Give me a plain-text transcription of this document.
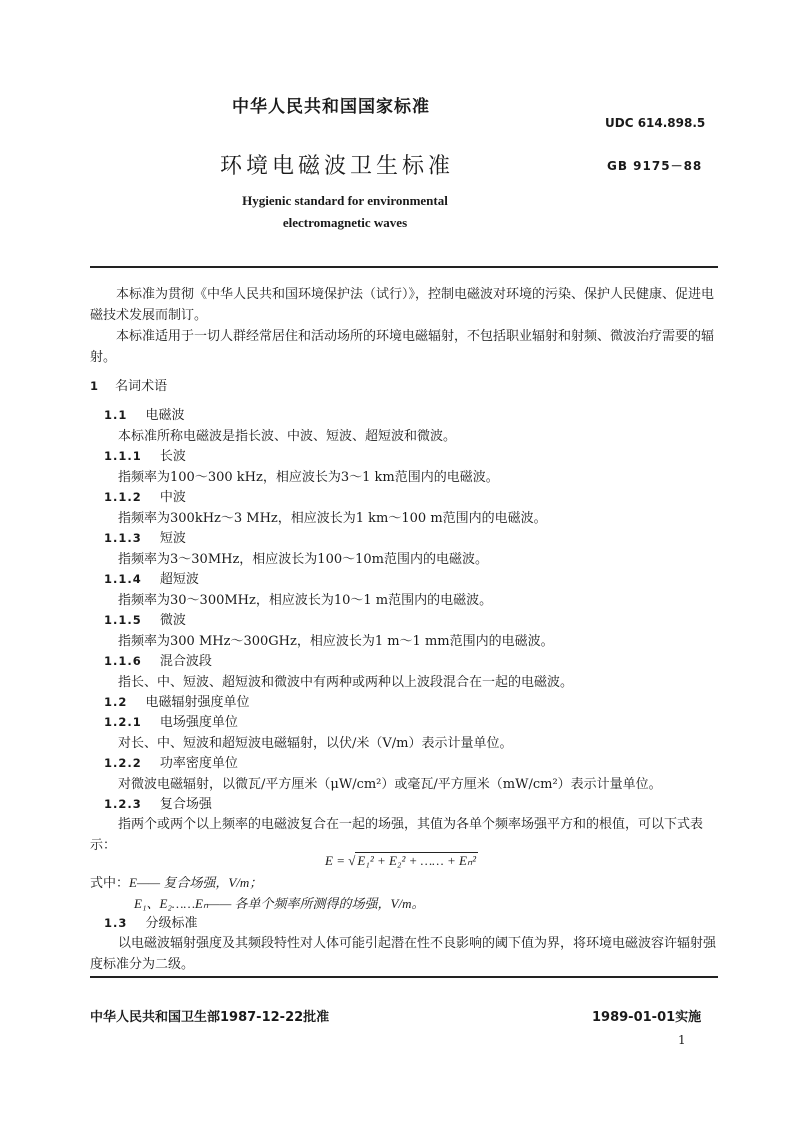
中华人民共和国国家标准
UDC 614.898.5
环境电磁波卫生标准	GB 9175－88
Hygienic standard for environmental
electromagnetic waves
本标准为贯彻《中华人民共和国环境保护法（试行）》，控制电磁波对环境的污染、保护人民健康、促进电磁技术发展而制订。
本标准适用于一切人群经常居住和活动场所的环境电磁辐射，不包括职业辐射和射频、微波治疗需要的辐射。
1 名词术语
1.1 电磁波
本标准所称电磁波是指长波、中波、短波、超短波和微波。
1.1.1 长波
指频率为100～300 kHz，相应波长为3～1 km范围内的电磁波。
1.1.2 中波
指频率为300kHz～3 MHz，相应波长为1 km～100 m范围内的电磁波。
1.1.3 短波
指频率为3～30MHz，相应波长为100～10m范围内的电磁波。
1.1.4 超短波
指频率为30～300MHz，相应波长为10～1 m范围内的电磁波。
1.1.5 微波
指频率为300 MHz～300GHz，相应波长为1 m～1 mm范围内的电磁波。
1.1.6 混合波段
指长、中、短波、超短波和微波中有两种或两种以上波段混合在一起的电磁波。
1.2 电磁辐射强度单位
1.2.1 电场强度单位
对长、中、短波和超短波电磁辐射，以伏/米（V/m）表示计量单位。
1.2.2 功率密度单位
对微波电磁辐射，以微瓦/平方厘米（μW/cm²）或毫瓦/平方厘米（mW/cm²）表示计量单位。
1.2.3 复合场强
指两个或两个以上频率的电磁波复合在一起的场强，其值为各单个频率场强平方和的根值，可以下式表示：
E = √ E₁² + E₂² + …… + Eₙ²
式中：E—— 复合场强，V/m；
E₁、E₂……Eₙ—— 各单个频率所测得的场强，V/m。
1.3 分级标准
以电磁波辐射强度及其频段特性对人体可能引起潜在性不良影响的阈下值为界，将环境电磁波容许辐射强度标准分为二级。
中华人民共和国卫生部1987-12-22批准	1989-01-01实施
1
